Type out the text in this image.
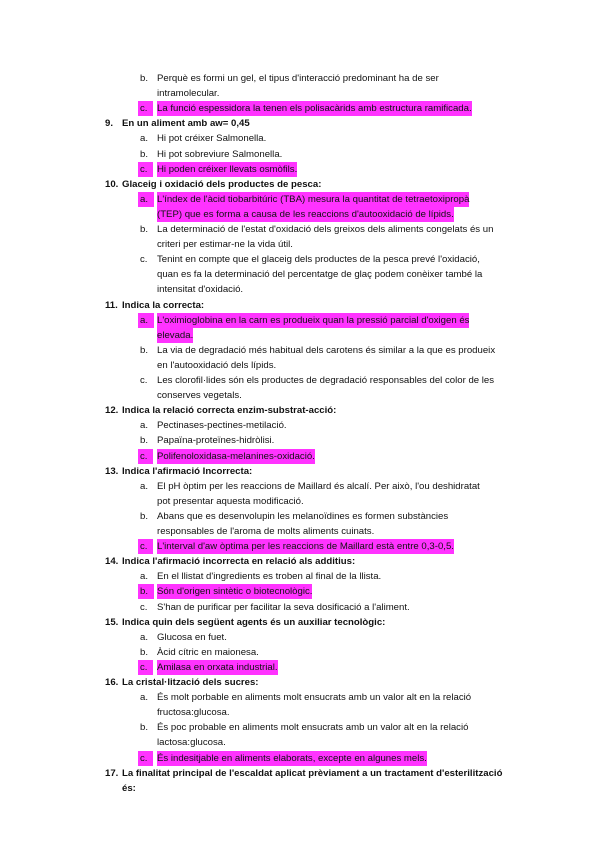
b. Perquè es formi un gel, el tipus d'interacció predominant ha de ser
intramolecular.
c. La funció espessidora la tenen els polisacàrids amb estructura ramificada.
9. En un aliment amb aw= 0,45
a. Hi pot créixer Salmonella.
b. Hi pot sobreviure Salmonella.
c. Hi poden créixer llevats osmòfils.
10. Glaceig i oxidació dels productes de pesca:
a. L'índex de l'àcid tiobarbitúric (TBA) mesura la quantitat de tetraetoxipropà
(TEP) que es forma a causa de les reaccions d'autooxidació de lípids.
b. La determinació de l'estat d'oxidació dels greixos dels aliments congelats és un
criteri per estimar-ne la vida útil.
c. Tenint en compte que el glaceig dels productes de la pesca prevé l'oxidació,
quan es fa la determinació del percentatge de glaç podem conèixer també la
intensitat d'oxidació.
11. Indica la correcta:
a. L'oximioglobina en la carn es produeix quan la pressió parcial d'oxigen és
elevada.
b. La via de degradació més habitual dels carotens és similar a la que es produeix
en l'autooxidació dels lípids.
c. Les clorofil·lides són els productes de degradació responsables del color de les
conserves vegetals.
12. Indica la relació correcta enzim-substrat-acció:
a. Pectinases-pectines-metilació.
b. Papaïna-proteïnes-hidròlisi.
c. Polifenoloxidasa-melanines-oxidació.
13. Indica l'afirmació Incorrecta:
a. El pH òptim per les reaccions de Maillard és alcalí. Per això, l'ou deshidratat
pot presentar aquesta modificació.
b. Abans que es desenvolupin les melanoïdines es formen substàncies
responsables de l'aroma de molts aliments cuinats.
c. L'interval d'aw òptima per les reaccions de Maillard està entre 0,3-0,5.
14. Indica l'afirmació incorrecta en relació als additius:
a. En el llistat d'ingredients es troben al final de la llista.
b. Són d'origen sintètic o biotecnològic.
c. S'han de purificar per facilitar la seva dosificació a l'aliment.
15. Indica quin dels següent agents és un auxiliar tecnològic:
a. Glucosa en fuet.
b. Àcid cítric en maionesa.
c. Amilasa en orxata industrial.
16. La cristal·lització dels sucres:
a. És molt porbable en aliments molt ensucrats amb un valor alt en la relació
fructosa:glucosa.
b. És poc probable en aliments molt ensucrats amb un valor alt en la relació
lactosa:glucosa.
c. És indesitjable en aliments elaborats, excepte en algunes mels.
17. La finalitat principal de l'escaldat aplicat prèviament a un tractament d'esterilització
és:
